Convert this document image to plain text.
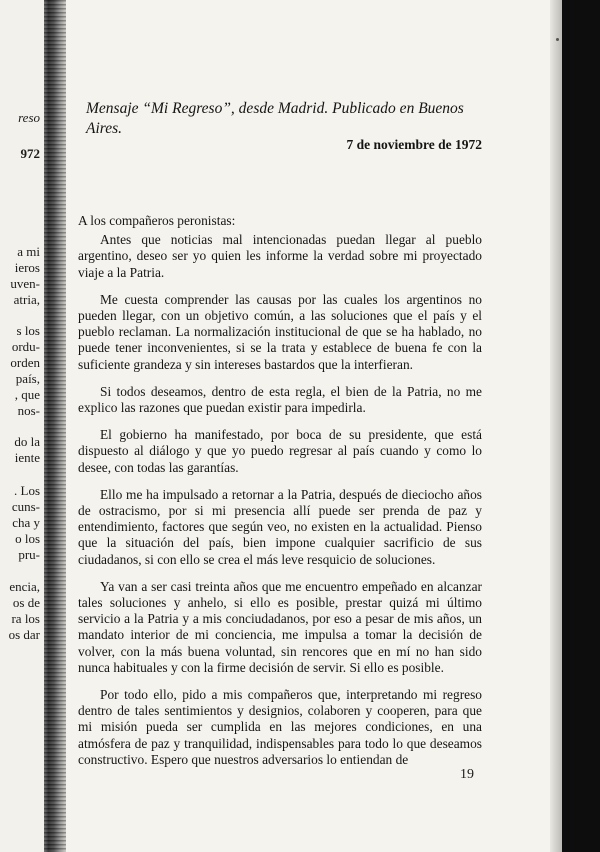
reso
972
a mi
ieros
uven-
atria,
s los
ordu-
orden
país,
, que
nos-
do la
iente
. Los
cuns-
cha y
o los
pru-
encia,
os de
ra los
os dar
Mensaje “Mi Regreso”, desde Madrid. Publicado en Buenos Aires.
7 de noviembre de 1972

A los compañeros peronistas:

Antes que noticias mal intencionadas puedan llegar al pueblo argentino, deseo ser yo quien les informe la verdad sobre mi proyectado viaje a la Patria.

Me cuesta comprender las causas por las cuales los argentinos no pueden llegar, con un objetivo común, a las soluciones que el país y el pueblo reclaman. La normalización institucional de que se ha hablado, no puede tener inconvenientes, si se la trata y establece de buena fe con la suficiente grandeza y sin intereses bastardos que la interfieran.

Si todos deseamos, dentro de esta regla, el bien de la Patria, no me explico las razones que puedan existir para impedirla.

El gobierno ha manifestado, por boca de su presidente, que está dispuesto al diálogo y que yo puedo regresar al país cuando y como lo desee, con todas las garantías.

Ello me ha impulsado a retornar a la Patria, después de dieciocho años de ostracismo, por si mi presencia allí puede ser prenda de paz y entendimiento, factores que según veo, no existen en la actualidad. Pienso que la situación del país, bien impone cualquier sacrificio de sus ciudadanos, si con ello se crea el más leve resquicio de soluciones.

Ya van a ser casi treinta años que me encuentro empeñado en alcanzar tales soluciones y anhelo, si ello es posible, prestar quizá mi último servicio a la Patria y a mis conciudadanos, por eso a pesar de mis años, un mandato interior de mi conciencia, me impulsa a tomar la decisión de volver, con la más buena voluntad, sin rencores que en mí no han sido nunca habituales y con la firme decisión de servir. Si ello es posible.

Por todo ello, pido a mis compañeros que, interpretando mi regreso dentro de tales sentimientos y designios, colaboren y cooperen, para que mi misión pueda ser cumplida en las mejores condiciones, en una atmósfera de paz y tranquilidad, indispensables para todo lo que deseamos constructivo. Espero que nuestros adversarios lo entiendan de

19
